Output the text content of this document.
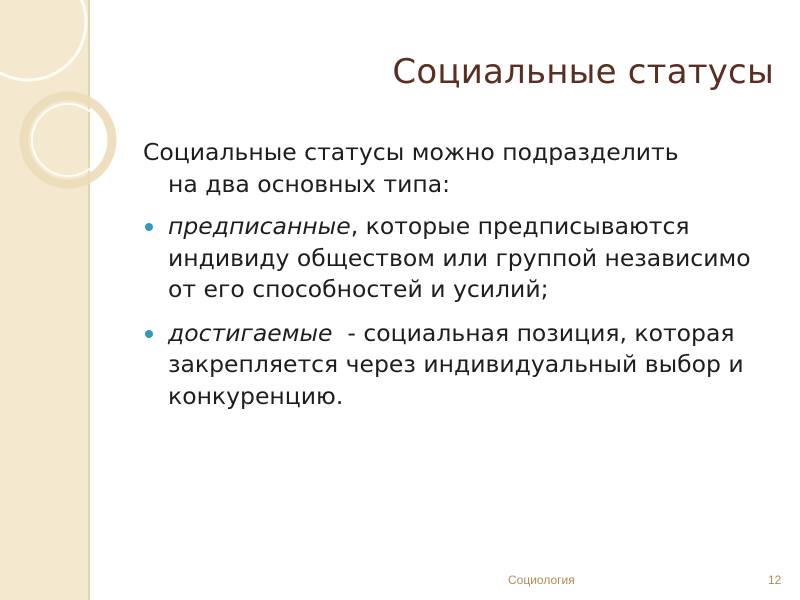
Социальные статусы
Социальные статусы можно подразделить
на два основных типа:
предписанные, которые предписываются индивиду обществом или группой независимо от его способностей и усилий;
достигаемые  - социальная позиция, которая закрепляется через индивидуальный выбор и конкуренцию.
Социология	12
